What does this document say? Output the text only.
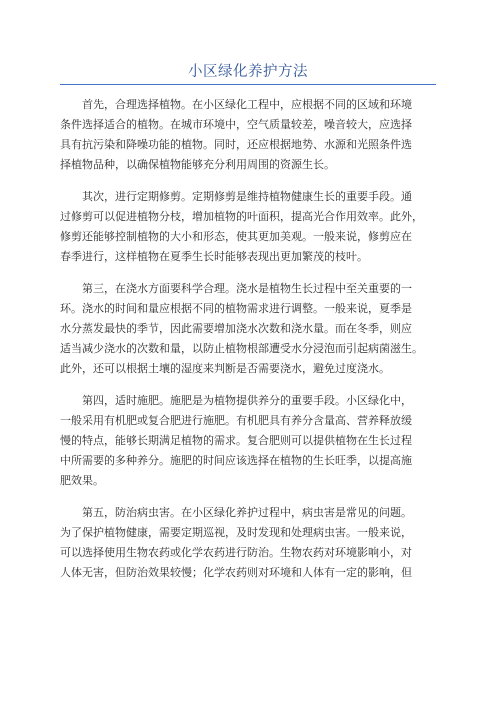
小区绿化养护方法
首先，合理选择植物。在小区绿化工程中，应根据不同的区域和环境
条件选择适合的植物。在城市环境中，空气质量较差，噪音较大，应选择
具有抗污染和降噪功能的植物。同时，还应根据地势、水源和光照条件选
择植物品种，以确保植物能够充分利用周围的资源生长。
其次，进行定期修剪。定期修剪是维持植物健康生长的重要手段。通
过修剪可以促进植物分枝，增加植物的叶面积，提高光合作用效率。此外，
修剪还能够控制植物的大小和形态，使其更加美观。一般来说，修剪应在
春季进行，这样植物在夏季生长时能够表现出更加繁茂的枝叶。
第三，在浇水方面要科学合理。浇水是植物生长过程中至关重要的一
环。浇水的时间和量应根据不同的植物需求进行调整。一般来说，夏季是
水分蒸发最快的季节，因此需要增加浇水次数和浇水量。而在冬季，则应
适当减少浇水的次数和量，以防止植物根部遭受水分浸泡而引起病菌滋生。
此外，还可以根据土壤的湿度来判断是否需要浇水，避免过度浇水。
第四，适时施肥。施肥是为植物提供养分的重要手段。小区绿化中，
一般采用有机肥或复合肥进行施肥。有机肥具有养分含量高、营养释放缓
慢的特点，能够长期满足植物的需求。复合肥则可以提供植物在生长过程
中所需要的多种养分。施肥的时间应该选择在植物的生长旺季，以提高施
肥效果。
第五，防治病虫害。在小区绿化养护过程中，病虫害是常见的问题。
为了保护植物健康，需要定期巡视，及时发现和处理病虫害。一般来说，
可以选择使用生物农药或化学农药进行防治。生物农药对环境影响小，对
人体无害，但防治效果较慢；化学农药则对环境和人体有一定的影响，但
